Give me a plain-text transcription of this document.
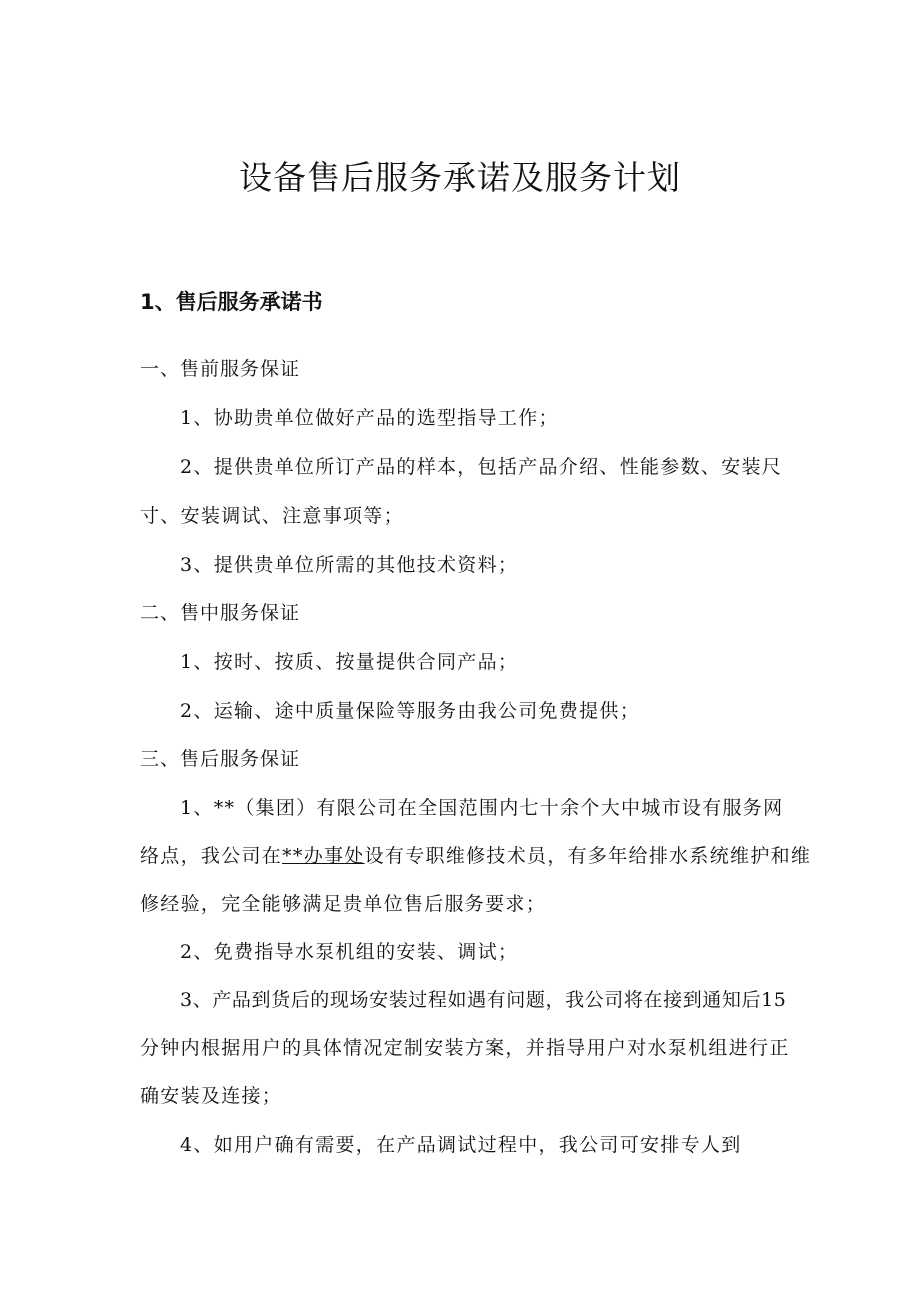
设备售后服务承诺及服务计划
1、售后服务承诺书

一、售前服务保证

1、协助贵单位做好产品的选型指导工作；

2、提供贵单位所订产品的样本，包括产品介绍、性能参数、安装尺

寸、安装调试、注意事项等；

3、提供贵单位所需的其他技术资料；

二、售中服务保证

1、按时、按质、按量提供合同产品；

2、运输、途中质量保险等服务由我公司免费提供；

三、售后服务保证

1、**（集团）有限公司在全国范围内七十余个大中城市设有服务网

络点，我公司在**办事处设有专职维修技术员，有多年给排水系统维护和维

修经验，完全能够满足贵单位售后服务要求；

2、免费指导水泵机组的安装、调试；

3、产品到货后的现场安装过程如遇有问题，我公司将在接到通知后15

分钟内根据用户的具体情况定制安装方案，并指导用户对水泵机组进行正

确安装及连接；

4、如用户确有需要，在产品调试过程中，我公司可安排专人到
